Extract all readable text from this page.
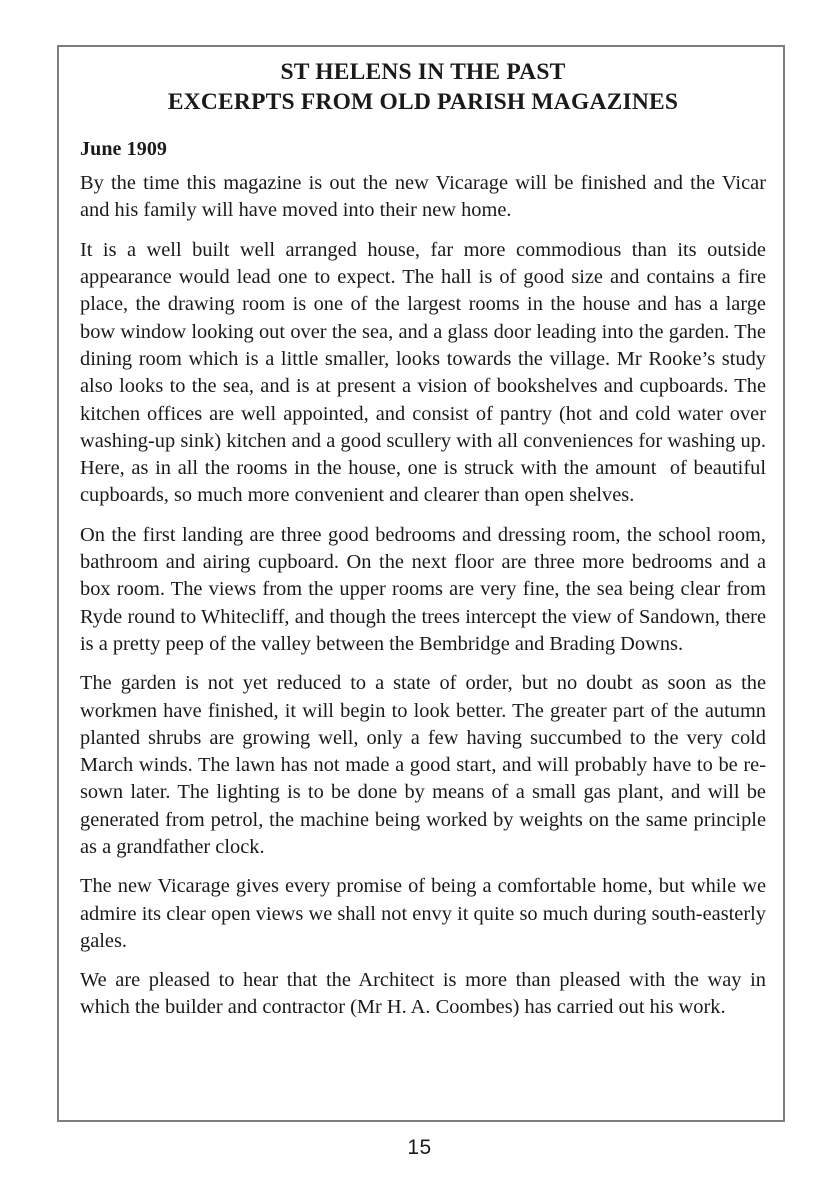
ST HELENS IN THE PAST
EXCERPTS FROM OLD PARISH MAGAZINES
June 1909

By the time this magazine is out the new Vicarage will be finished and the Vicar and his family will have moved into their new home.

It is a well built well arranged house, far more commodious than its outside appearance would lead one to expect. The hall is of good size and contains a fire place, the drawing room is one of the largest rooms in the house and has a large bow window looking out over the sea, and a glass door leading into the garden. The dining room which is a little smaller, looks towards the village. Mr Rooke’s study also looks to the sea, and is at present a vision of bookshelves and cupboards. The kitchen offices are well appointed, and consist of pantry (hot and cold water over washing-up sink) kitchen and a good scullery with all conveniences for washing up. Here, as in all the rooms in the house, one is struck with the amount  of beautiful cupboards, so much more convenient and clearer than open shelves.

On the first landing are three good bedrooms and dressing room, the school room, bathroom and airing cupboard. On the next floor are three more bedrooms and a box room. The views from the upper rooms are very fine, the sea being clear from Ryde round to Whitecliff, and though the trees intercept the view of Sandown, there is a pretty peep of the valley between the Bembridge and Brading Downs.

The garden is not yet reduced to a state of order, but no doubt as soon as the workmen have finished, it will begin to look better. The greater part of the autumn planted shrubs are growing well, only a few having succumbed to the very cold March winds. The lawn has not made a good start, and will probably have to be re-sown later. The lighting is to be done by means of a small gas plant, and will be generated from petrol, the machine being worked by weights on the same principle as a grandfather clock.

The new Vicarage gives every promise of being a comfortable home, but while we admire its clear open views we shall not envy it quite so much during south-easterly gales.

We are pleased to hear that the Architect is more than pleased with the way in which the builder and contractor (Mr H. A. Coombes) has carried out his work.

15
